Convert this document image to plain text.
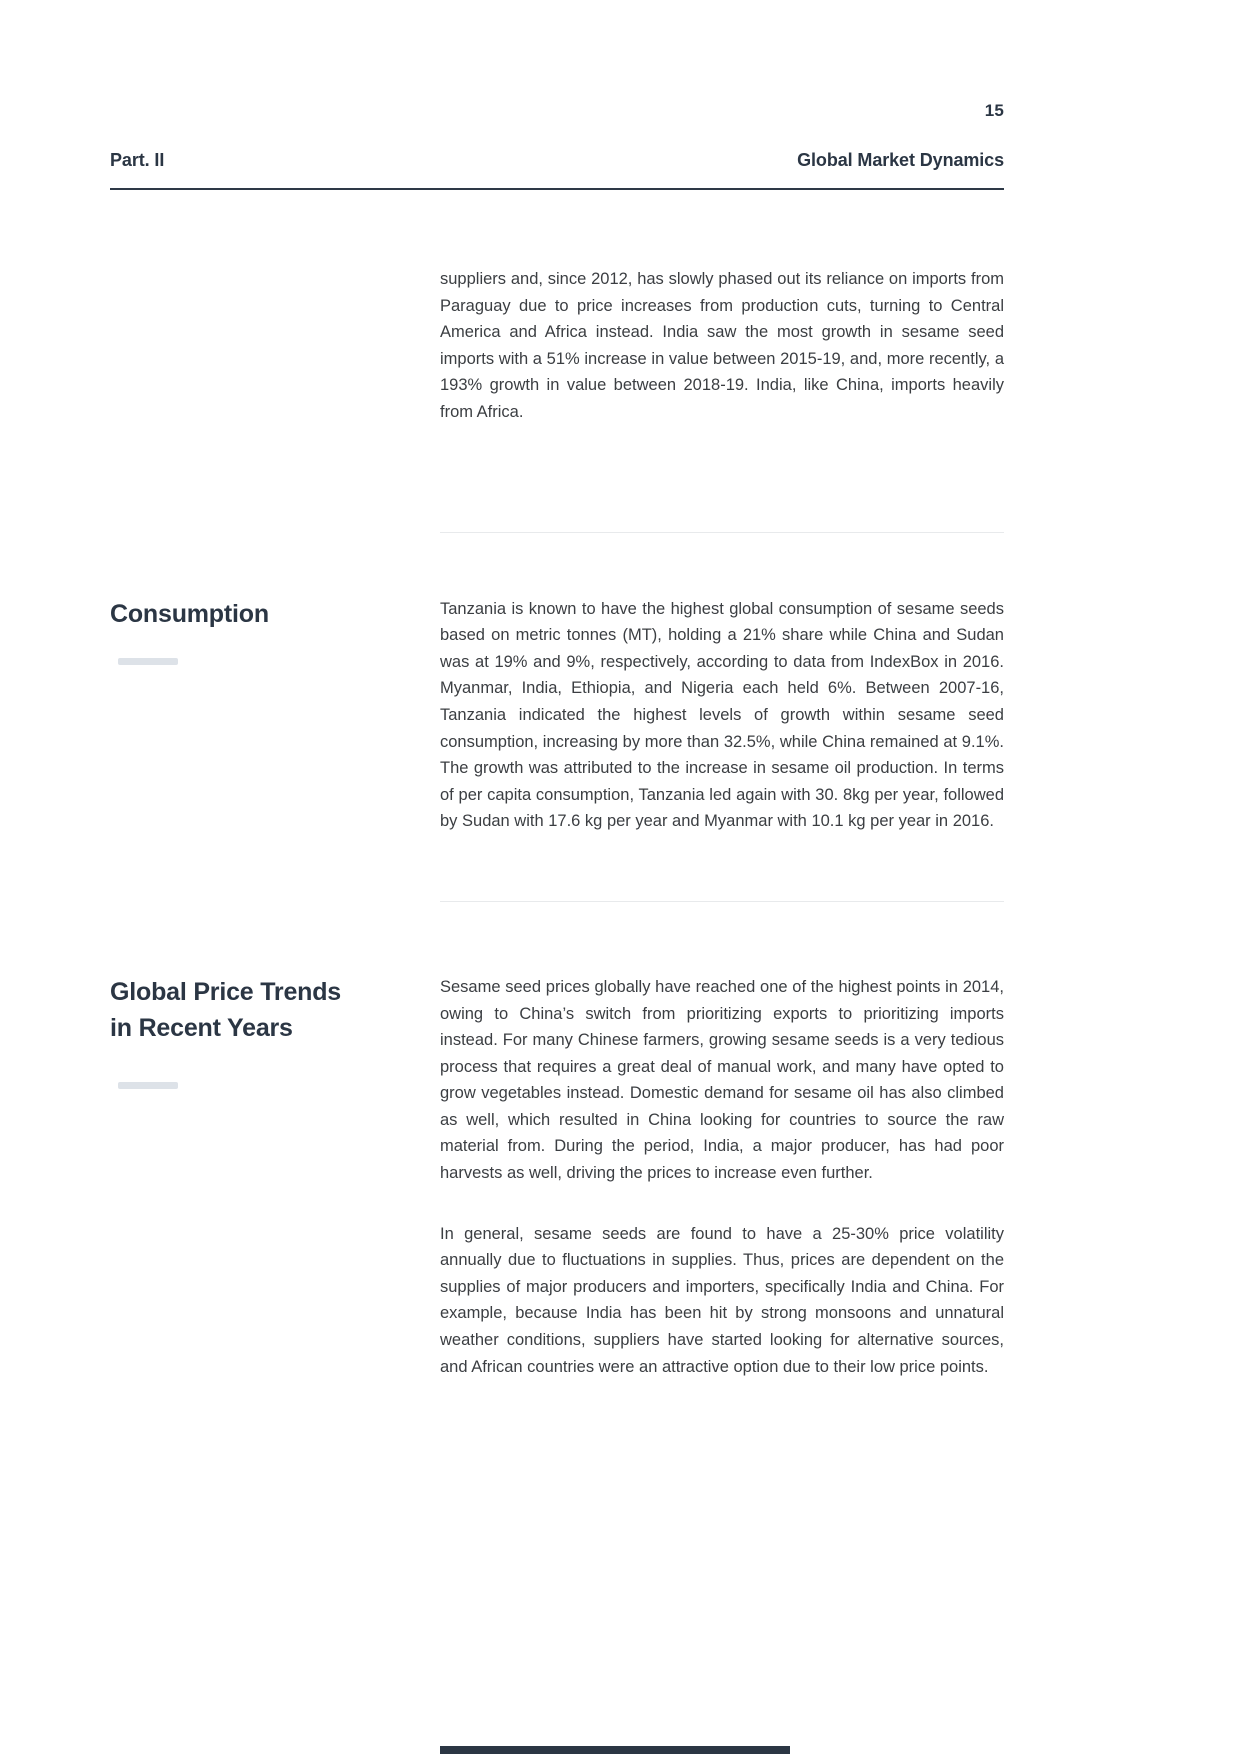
15
Part. II	Global Market Dynamics

suppliers and, since 2012, has slowly phased out its reliance on imports from Paraguay due to price increases from production cuts, turning to Central America and Africa instead. India saw the most growth in sesame seed imports with a 51% increase in value between 2015-19, and, more recently, a 193% growth in value between 2018-19. India, like China, imports heavily from Africa.

Consumption	Tanzania is known to have the highest global consumption of sesame seeds based on metric tonnes (MT), holding a 21% share while China and Sudan was at 19% and 9%, respectively, according to data from IndexBox in 2016. Myanmar, India, Ethiopia, and Nigeria each held 6%. Between 2007-16, Tanzania indicated the highest levels of growth within sesame seed consumption, increasing by more than 32.5%, while China remained at 9.1%. The growth was attributed to the increase in sesame oil production. In terms of per capita consumption, Tanzania led again with 30. 8kg per year, followed by Sudan with 17.6 kg per year and Myanmar with 10.1 kg per year in 2016.

Global Price Trends in Recent Years

Sesame seed prices globally have reached one of the highest points in 2014, owing to China’s switch from prioritizing exports to prioritizing imports instead. For many Chinese farmers, growing sesame seeds is a very tedious process that requires a great deal of manual work, and many have opted to grow vegetables instead. Domestic demand for sesame oil has also climbed as well, which resulted in China looking for countries to source the raw material from. During the period, India, a major producer, has had poor harvests as well, driving the prices to increase even further.

In general, sesame seeds are found to have a 25-30% price volatility annually due to fluctuations in supplies. Thus, prices are dependent on the supplies of major producers and importers, specifically India and China. For example, because India has been hit by strong monsoons and unnatural weather conditions, suppliers have started looking for alternative sources, and African countries were an attractive option due to their low price points.
